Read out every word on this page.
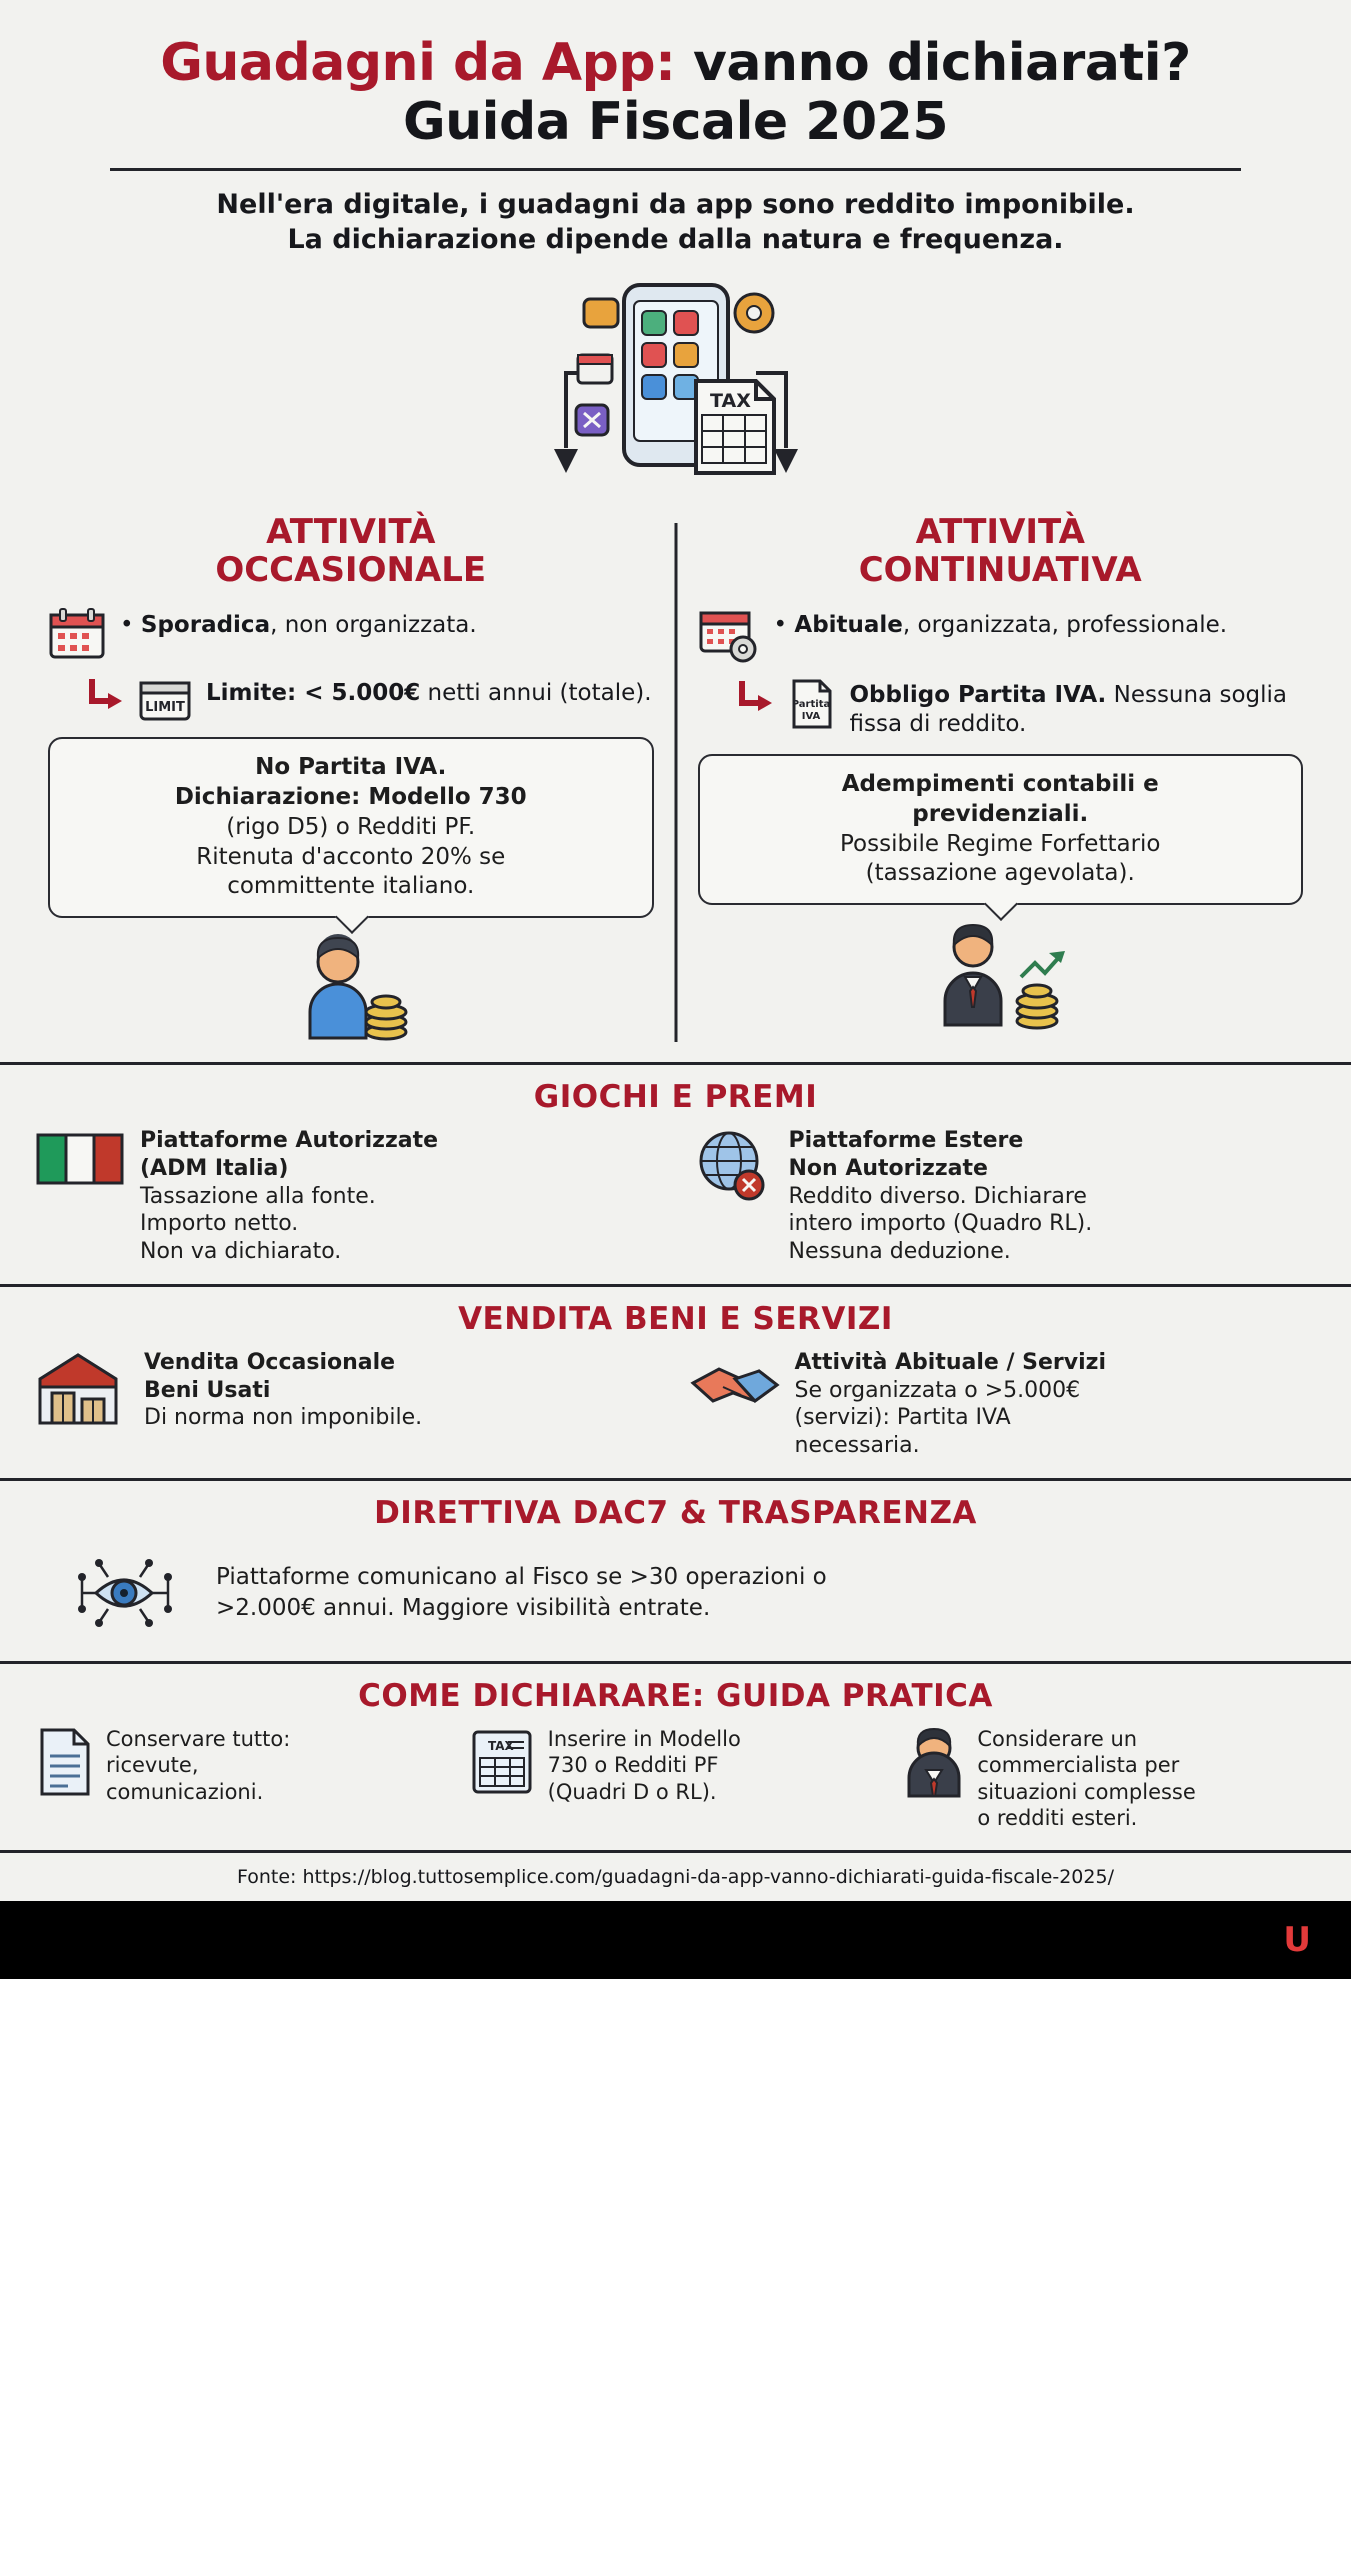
Guadagni da App: vanno dichiarati?
Guida Fiscale 2025
Nell'era digitale, i guadagni da app sono reddito imponibile.
La dichiarazione dipende dalla natura e frequenza.
TAX
ATTIVITÀ
OCCASIONALE
• Sporadica, non organizzata.
LIMIT
Limite: < 5.000€ netti annui (totale).
No Partita IVA.
Dichiarazione: Modello 730
(rigo D5) o Redditi PF.
Ritenuta d'acconto 20% se
committente italiano.
ATTIVITÀ
CONTINUATIVA
• Abituale, organizzata, professionale.
Partita
IVA
Obbligo Partita IVA. Nessuna soglia fissa di reddito.
Adempimenti contabili e
previdenziali.
Possibile Regime Forfettario
(tassazione agevolata).
GIOCHI E PREMI
Piattaforme Autorizzate
(ADM Italia)
Tassazione alla fonte.
Importo netto.
Non va dichiarato.
Piattaforme Estere
Non Autorizzate
Reddito diverso. Dichiarare
intero importo (Quadro RL).
Nessuna deduzione.
VENDITA BENI E SERVIZI
Vendita Occasionale
Beni Usati
Di norma non imponibile.
Attività Abituale / Servizi
Se organizzata o >5.000€
(servizi): Partita IVA
necessaria.
DIRETTIVA DAC7 & TRASPARENZA
Piattaforme comunicano al Fisco se >30 operazioni o
>2.000€ annui. Maggiore visibilità entrate.
COME DICHIARARE: GUIDA PRATICA
Conservare tutto:
ricevute,
comunicazioni.
TAX Inserire in Modello
730 o Redditi PF
(Quadri D o RL).
Considerare un
commercialista per
situazioni complesse
o redditi esteri.
Fonte: https://blog.tuttosemplice.com/guadagni-da-app-vanno-dichiarati-guida-fiscale-2025/
U
